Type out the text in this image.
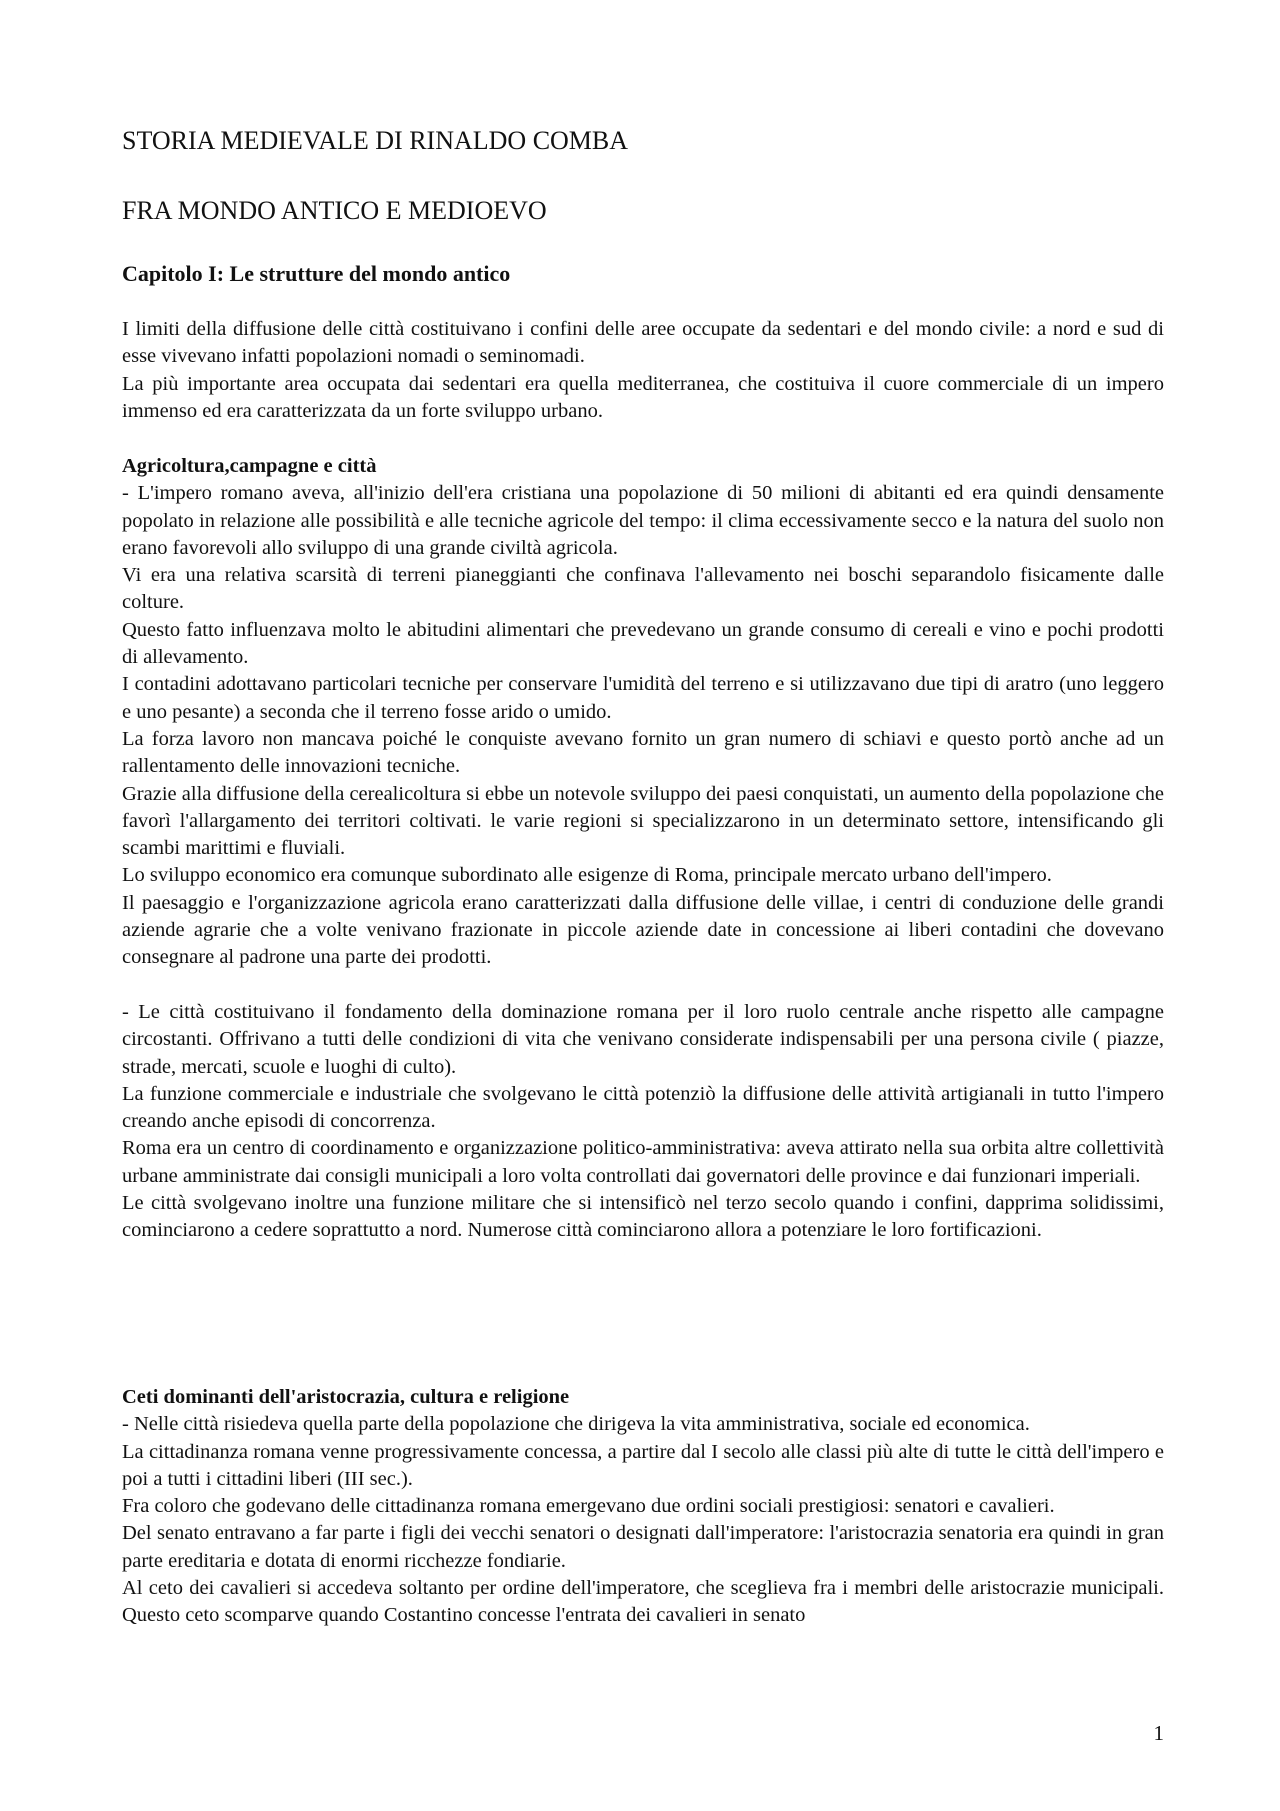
STORIA MEDIEVALE DI RINALDO COMBA
FRA MONDO ANTICO E MEDIOEVO
Capitolo I: Le strutture del mondo antico

I limiti della diffusione delle città costituivano i confini delle aree occupate da sedentari e del mondo civile: a nord e sud di esse vivevano infatti popolazioni nomadi o seminomadi.

La più importante area occupata dai sedentari era quella mediterranea, che costituiva il cuore commerciale di un impero immenso ed era caratterizzata da un forte sviluppo urbano.

Agricoltura,campagne e città

- L'impero romano aveva, all'inizio dell'era cristiana una popolazione di 50 milioni di abitanti ed era quindi densamente popolato in relazione alle possibilità e alle tecniche agricole del tempo: il clima eccessivamente secco e la natura del suolo non erano favorevoli allo sviluppo di una grande civiltà agricola.

Vi era una relativa scarsità di terreni pianeggianti che confinava l'allevamento nei boschi separandolo fisicamente dalle colture.

Questo fatto influenzava molto le abitudini alimentari che prevedevano un grande consumo di cereali e vino e pochi prodotti di allevamento.

I contadini adottavano particolari tecniche per conservare l'umidità del terreno e si utilizzavano due tipi di aratro (uno leggero e uno pesante) a seconda che il terreno fosse arido o umido.

La forza lavoro non mancava poiché le conquiste avevano fornito un gran numero di schiavi e questo portò anche ad un rallentamento delle innovazioni tecniche.

Grazie alla diffusione della cerealicoltura si ebbe un notevole sviluppo dei paesi conquistati, un aumento della popolazione che favorì l'allargamento dei territori coltivati. le varie regioni si specializzarono in un determinato settore, intensificando gli scambi marittimi e fluviali.

Lo sviluppo economico era comunque subordinato alle esigenze di Roma, principale mercato urbano dell'impero.

Il paesaggio e l'organizzazione agricola erano caratterizzati dalla diffusione delle villae, i centri di conduzione delle grandi aziende agrarie che a volte venivano frazionate in piccole aziende date in concessione ai liberi contadini che dovevano consegnare al padrone una parte dei prodotti.

- Le città costituivano il fondamento della dominazione romana per il loro ruolo centrale anche rispetto alle campagne circostanti. Offrivano a tutti delle condizioni di vita che venivano considerate indispensabili per una persona civile ( piazze, strade, mercati, scuole e luoghi di culto).

La funzione commerciale e industriale che svolgevano le città potenziò la diffusione delle attività artigianali in tutto l'impero creando anche episodi di concorrenza.

Roma era un centro di coordinamento e organizzazione politico-amministrativa: aveva attirato nella sua orbita altre collettività urbane amministrate dai consigli municipali a loro volta controllati dai governatori delle province e dai funzionari imperiali.

Le città svolgevano inoltre una funzione militare che si intensificò nel terzo secolo quando i confini, dapprima solidissimi, cominciarono a cedere soprattutto a nord. Numerose città cominciarono allora a potenziare le loro fortificazioni.

Ceti dominanti dell'aristocrazia, cultura e religione

- Nelle città risiedeva quella parte della popolazione che dirigeva la vita amministrativa, sociale ed economica.

La cittadinanza romana venne progressivamente concessa, a partire dal I secolo alle classi più alte di tutte le città dell'impero e poi a tutti i cittadini liberi (III sec.).

Fra coloro che godevano delle cittadinanza romana emergevano due ordini sociali prestigiosi: senatori e cavalieri.

Del senato entravano a far parte i figli dei vecchi senatori o designati dall'imperatore: l'aristocrazia senatoria era quindi in gran parte ereditaria e dotata di enormi ricchezze fondiarie.

Al ceto dei cavalieri si accedeva soltanto per ordine dell'imperatore, che sceglieva fra i membri delle aristocrazie municipali. Questo ceto scomparve quando Costantino concesse l'entrata dei cavalieri in senato

1
